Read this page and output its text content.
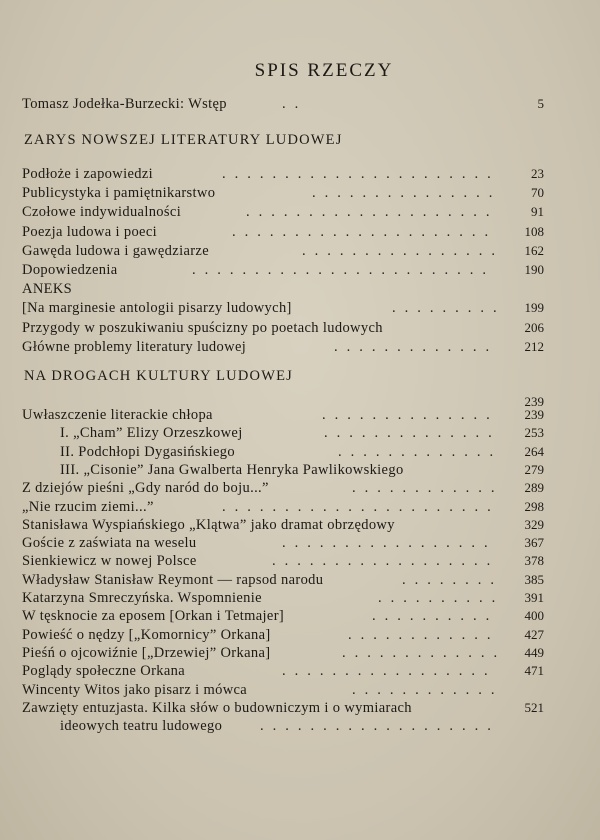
SPIS RZECZY
Tomasz Jodełka-Burzecki: Wstęp	..	5
ZARYS NOWSZEJ LITERATURY LUDOWEJ
Podłoże i zapowiedzi	...................... 23
Publicystyka i pamiętnikarstwo	............... 70
Czołowe indywidualności	....................	91
Poezja ludowa i poeci	..................... 108
Gawęda ludowa i gawędziarze	................ 162
Dopowiedzenia	........................ 190
ANEKS
[Na marginesie antologii pisarzy ludowych]	......... 199
Przygody w poszukiwaniu spuścizny po poetach ludowych	206
Główne problemy literatury ludowej	............. 212
NA DROGACH KULTURY LUDOWEJ
239
Uwłaszczenie literackie chłopa	.............. 239
I. „Cham” Elizy Orzeszkowej	.............. 253
II. Podchłopi Dygasińskiego	............. 264
III. „Cisonie” Jana Gwalberta Henryka Pawlikowskiego	279
Z dziejów pieśni „Gdy naród do boju...”	............ 289
„Nie rzucim ziemi...”	...................... 298
Stanisława Wyspiańskiego „Klątwa” jako dramat obrzędowy	329
Goście z zaświata na weselu	................. 367
Sienkiewicz w nowej Polsce	.................. 378
Władysław Stanisław Reymont — rapsod narodu	........ 385
Katarzyna Smreczyńska. Wspomnienie	.......... 391
W tęsknocie za eposem [Orkan i Tetmajer]	.......... 400
Powieść o nędzy [„Komornicy” Orkana]	............ 427
Pieśń o ojcowiźnie [„Drzewiej” Orkana]	............. 449
Poglądy społeczne Orkana	................. 471
Wincenty Witos jako pisarz i mówca	............
Zawzięty entuzjasta. Kilka słów o budowniczym i o wymiarach	521
ideowych teatru ludowego	...................
